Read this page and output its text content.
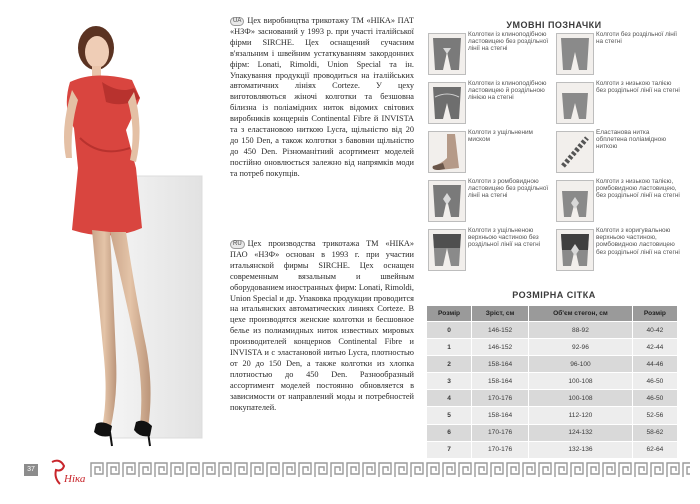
UA Цех виробництва трикотажу ТМ «НІКА» ПАТ «НЗФ» заснований у 1993 р. при участі італійської фірми SIRCHE. Цех оснащений сучасним в'язальним і швейним устаткуванням закордонних фірм: Lonati, Rimoldi, Union Special та ін. Упакування продукції проводиться на італійських автоматичних лініях Corteze. У цеху виготовляються жіночі колготки та безшовна білизна із поліамідних ниток відомих світових виробників концернів Continental Fibre й INVISTA та з еластановою ниткою Lycra, щільністю від 20 до 150 Den, а також колготки з бавовни щільністю до 450 Den. Різноманітний асортимент моделей постійно оновлюється залежно від напрямків моди та потреб покупців.

RU Цех производства трикотажа ТМ «НІКА» ПАО «НЗФ» основан в 1993 г. при участии итальянской фирмы SIRCHE. Цех оснащен современным вязальным и швейным оборудованием иностранных фирм: Lonati, Rimoldi, Union Special и др. Упаковка продукции проводится на итальянских автоматических линиях Corteze. В цехе производятся женские колготки и бесшовное белье из полиамидных ниток известных мировых производителей концернов Continental Fibre и INVISTA и с эластановой нитью Lycra, плотностью от 20 до 150 Den, а также колготки из хлопка плотностью до 450 Den. Разнообразный ассортимент моделей постоянно обновляется в зависимости от направлений моды и потребностей покупателей.

УМОВНІ ПОЗНАЧКИ
Колготки із клиноподібною ластовицею без роздільної лінії на стегні
Колготи без роздільної лінії на стегні
Колготки із клиноподібною ластовицею й роздільною лінією на стегні
Колготи з низькою талією без роздільної лінії на стегні
Колготи з ущільненим миском
Еластанова нитка обплетена поліамідною ниткою
Колготи з ромбовидною ластовицею без роздільної лінії на стегні
Колготи з низькою талією, ромбовидною ластовицею, без роздільної лінії на стегні
Колготи з ущільненою верхньою частиною без роздільної лінії на стегні
Колготи з коригувальною верхньою частиною, ромбовидною ластовицею без роздільної лінії на стегні
РОЗМІРНА СІТКА
Розмір	Зріст, см	Об'єм стегон, см	Розмір
0	146-152	88-92	40-42
1	146-152	92-96	42-44
2	158-164	96-100	44-46
3	158-164	100-108	46-50
4	170-176	100-108	46-50
5	158-164	112-120	52-56
6	170-176	124-132	58-62
7	170-176	132-136	62-64
37
Ніка
